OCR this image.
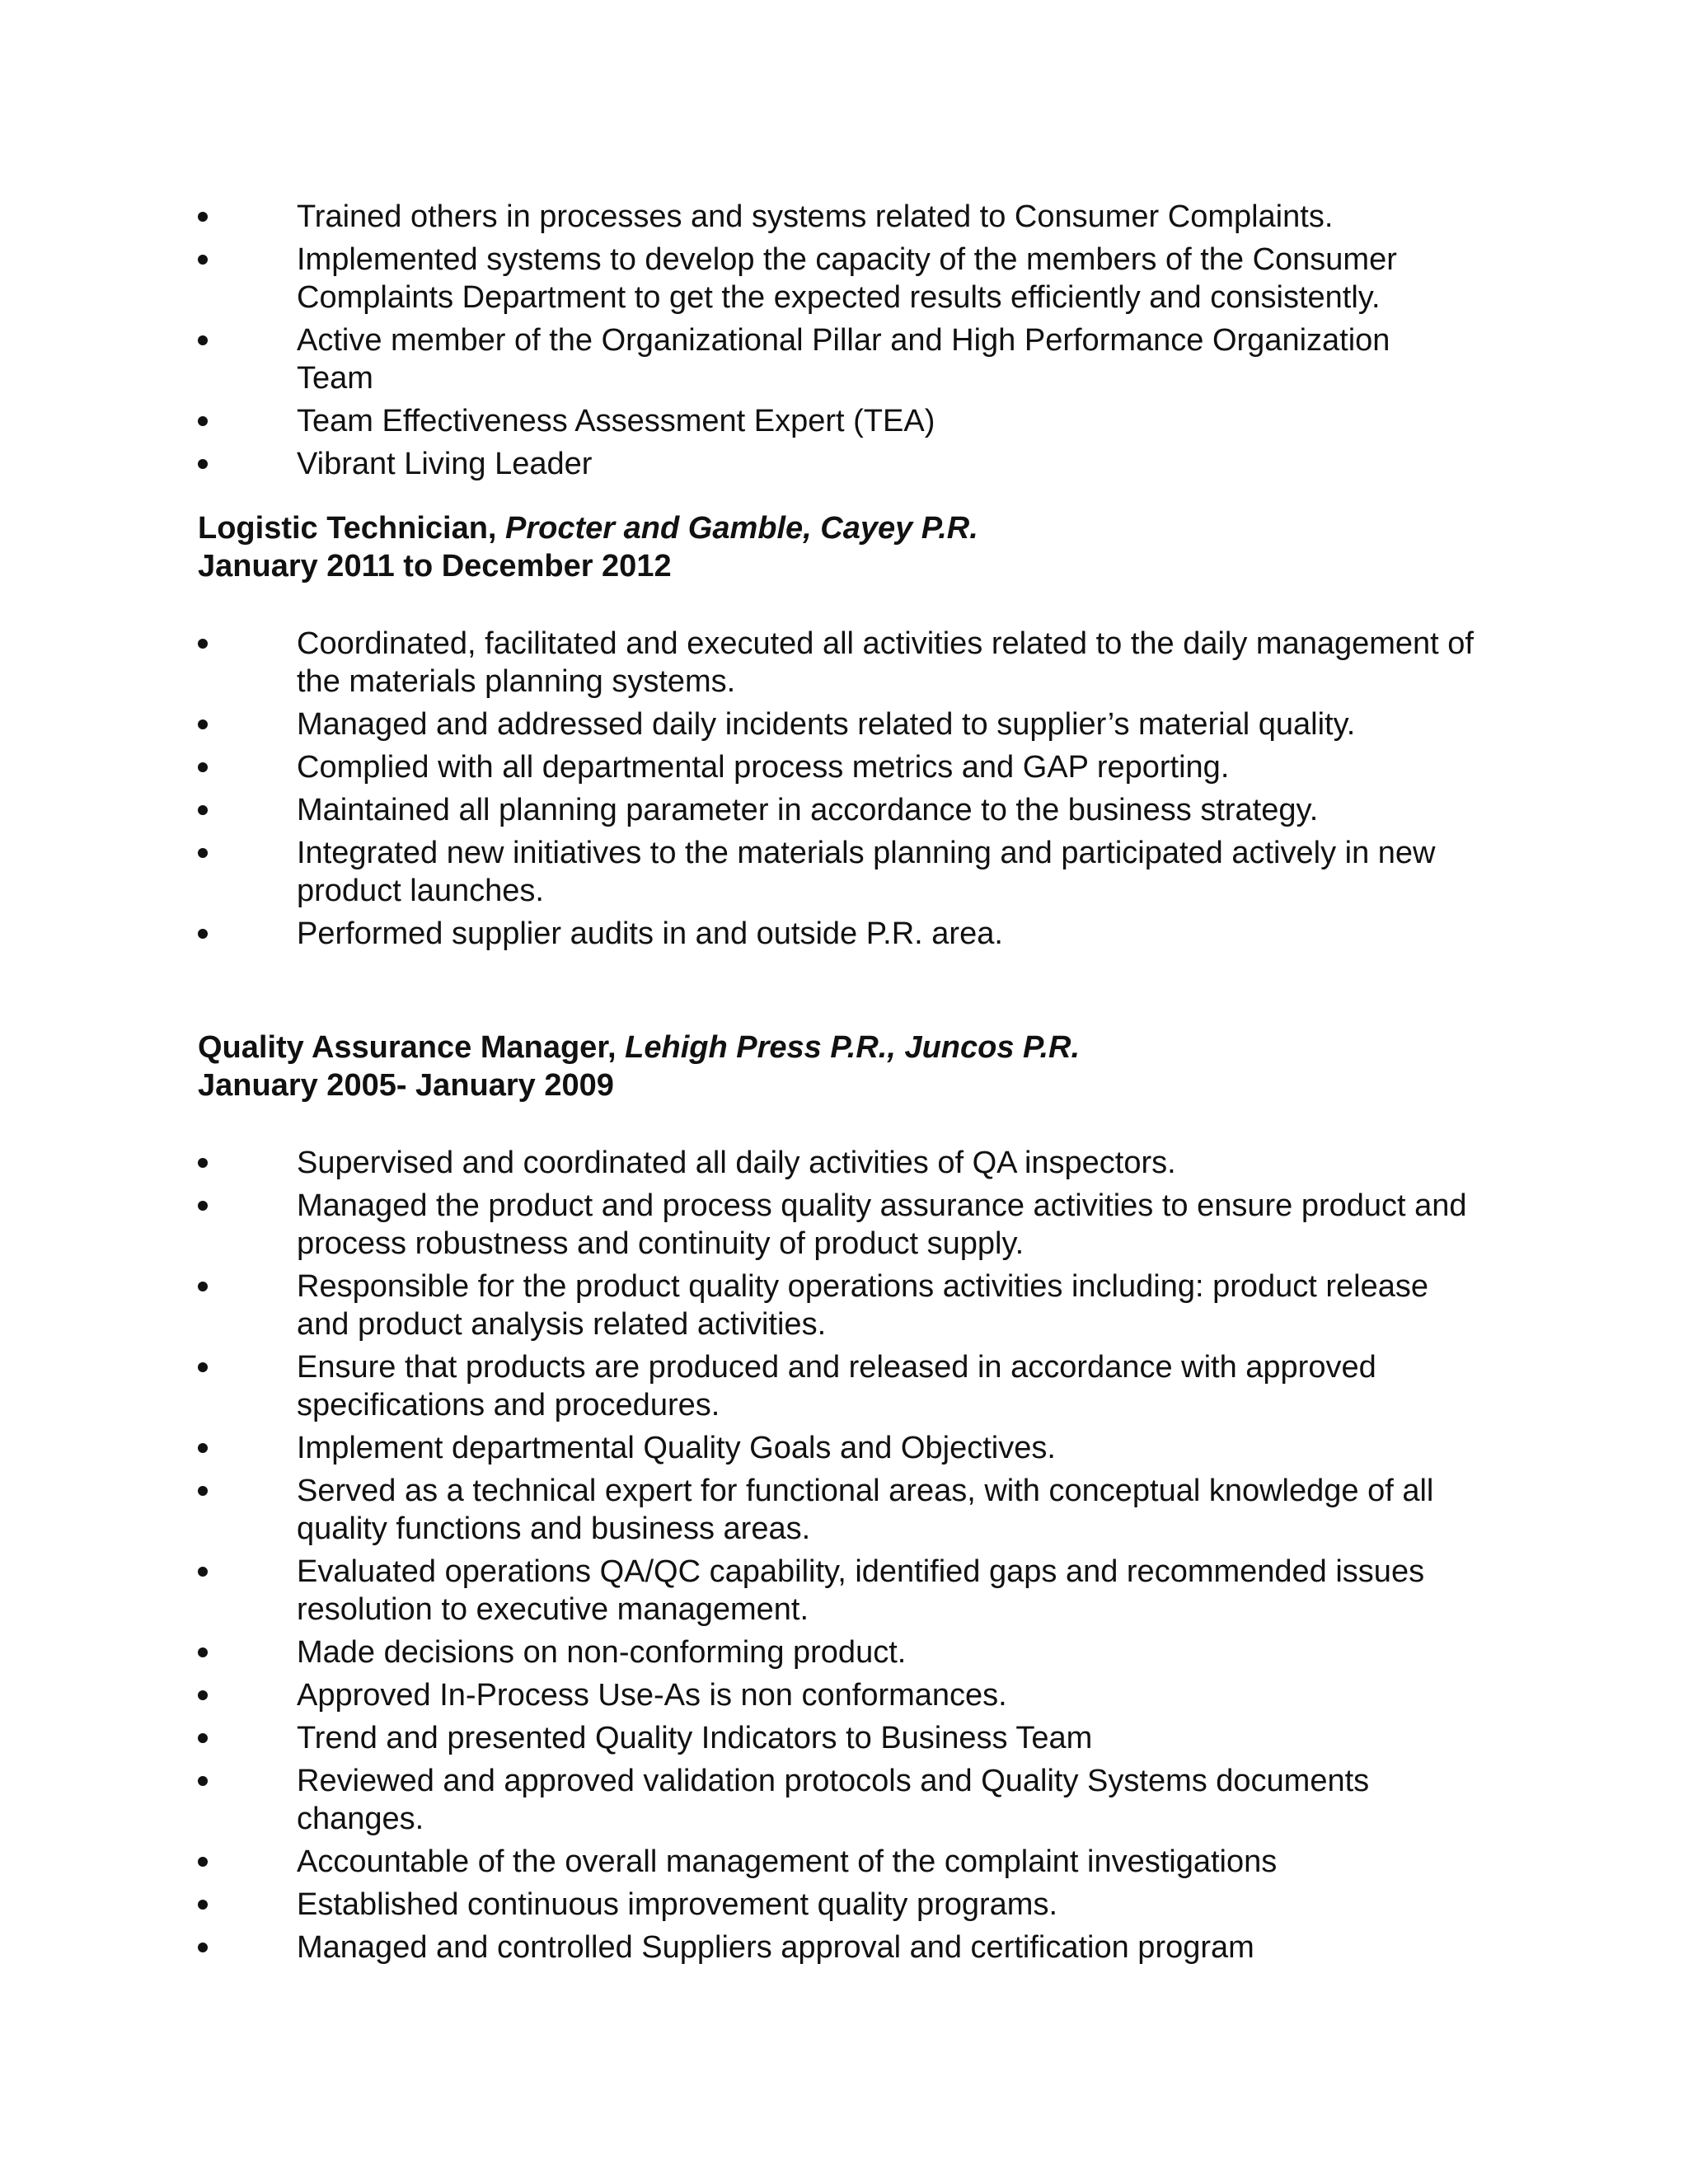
Trained others in processes and systems related to Consumer Complaints.
Implemented systems to develop the capacity of the members of the Consumer Complaints Department to get the expected results efficiently and consistently.
Active member of the Organizational Pillar and High Performance Organization Team
Team Effectiveness Assessment Expert (TEA)
Vibrant Living Leader
Logistic Technician, Procter and Gamble, Cayey P.R.
January 2011 to December 2012
Coordinated, facilitated and executed all activities related to the daily management of the materials planning systems.
Managed and addressed daily incidents related to supplier’s material quality.
Complied with all departmental process metrics and GAP reporting.
Maintained all planning parameter in accordance to the business strategy.
Integrated new initiatives to the materials planning and participated actively in new product launches.
Performed supplier audits in and outside P.R. area.
Quality Assurance Manager, Lehigh Press P.R., Juncos P.R.
January 2005- January 2009
Supervised and coordinated all daily activities of QA inspectors.
Managed the product and process quality assurance activities to ensure product and process robustness and continuity of product supply.
Responsible for the product quality operations activities including: product release and product analysis related activities.
Ensure that products are produced and released in accordance with approved specifications and procedures.
Implement departmental Quality Goals and Objectives.
Served as a technical expert for functional areas, with conceptual knowledge of all quality functions and business areas.
Evaluated operations QA/QC capability, identified gaps and recommended issues resolution to executive management.
Made decisions on non-conforming product.
Approved In-Process Use-As is non conformances.
Trend and presented Quality Indicators to Business Team
Reviewed and approved validation protocols and Quality Systems documents changes.
Accountable of the overall management of the complaint investigations
Established continuous improvement quality programs.
Managed and controlled Suppliers approval and certification program
